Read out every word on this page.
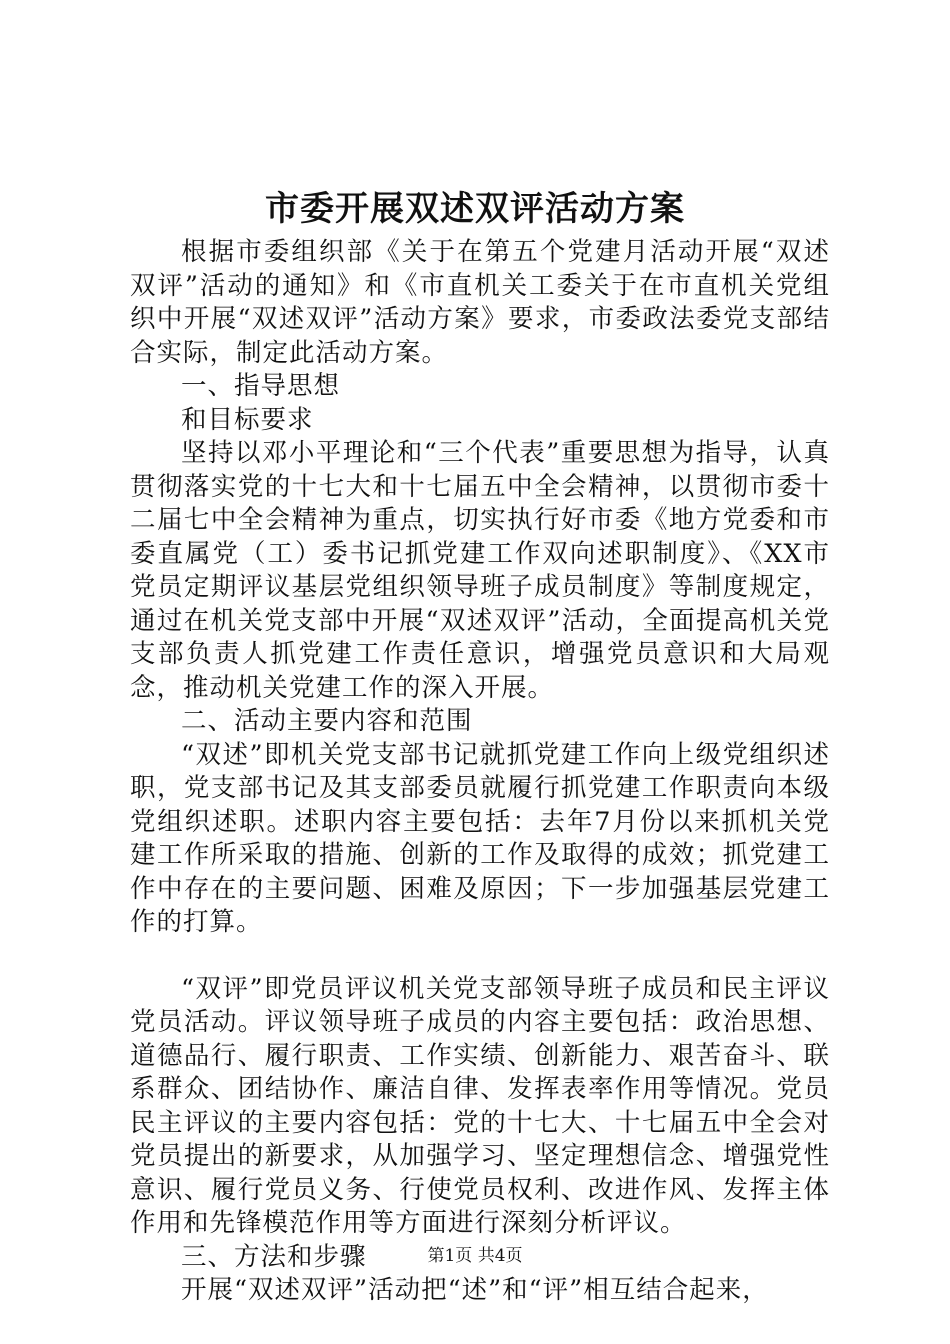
市委开展双述双评活动方案

根据市委组织部《关于在第五个党建月活动开展“双述双评”活动的通知》和《市直机关工委关于在市直机关党组织中开展“双述双评”活动方案》要求，市委政法委党支部结合实际，制定此活动方案。

一、指导思想

和目标要求

坚持以邓小平理论和“三个代表”重要思想为指导，认真贯彻落实党的十七大和十七届五中全会精神，以贯彻市委十二届七中全会精神为重点，切实执行好市委《地方党委和市委直属党（工）委书记抓党建工作双向述职制度》、《XX市党员定期评议基层党组织领导班子成员制度》等制度规定，通过在机关党支部中开展“双述双评”活动，全面提高机关党支部负责人抓党建工作责任意识，增强党员意识和大局观念，推动机关党建工作的深入开展。

二、活动主要内容和范围

“双述”即机关党支部书记就抓党建工作向上级党组织述职，党支部书记及其支部委员就履行抓党建工作职责向本级党组织述职。述职内容主要包括：去年7月份以来抓机关党建工作所采取的措施、创新的工作及取得的成效；抓党建工作中存在的主要问题、困难及原因；下一步加强基层党建工作的打算。

“双评”即党员评议机关党支部领导班子成员和民主评议党员活动。评议领导班子成员的内容主要包括：政治思想、道德品行、履行职责、工作实绩、创新能力、艰苦奋斗、联系群众、团结协作、廉洁自律、发挥表率作用等情况。党员民主评议的主要内容包括：党的十七大、十七届五中全会对党员提出的新要求，从加强学习、坚定理想信念、增强党性意识、履行党员义务、行使党员权利、改进作风、发挥主体作用和先锋模范作用等方面进行深刻分析评议。

三、方法和步骤

开展“双述双评”活动把“述”和“评”相互结合起来，

第1页 共4页
